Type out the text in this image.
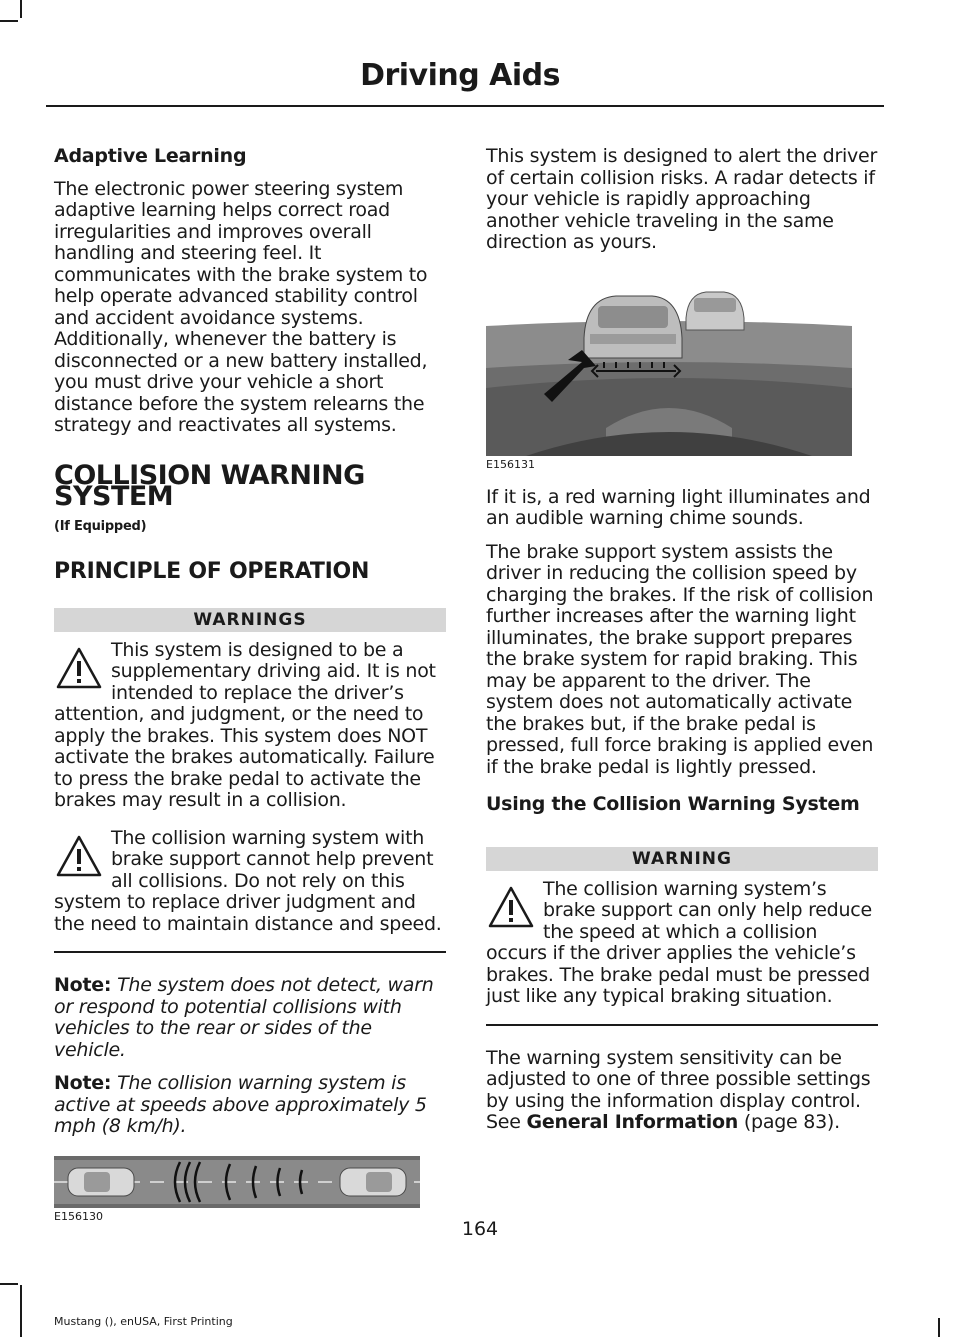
Driving Aids

Adaptive Learning

The electronic power steering system adaptive learning helps correct road irregularities and improves overall handling and steering feel. It communicates with the brake system to help operate advanced stability control and accident avoidance systems. Additionally, whenever the battery is disconnected or a new battery installed, you must drive your vehicle a short distance before the system relearns the strategy and reactivates all systems.

COLLISION WARNING SYSTEM

(If Equipped)

PRINCIPLE OF OPERATION

WARNINGS

This system is designed to be a supplementary driving aid. It is not intended to replace the driver’s attention, and judgment, or the need to apply the brakes. This system does NOT activate the brakes automatically. Failure to press the brake pedal to activate the brakes may result in a collision.

The collision warning system with brake support cannot help prevent all collisions. Do not rely on this system to replace driver judgment and the need to maintain distance and speed.

Note: The system does not detect, warn or respond to potential collisions with vehicles to the rear or sides of the vehicle.

Note: The collision warning system is active at speeds above approximately 5 mph (8 km/h).

E156130

This system is designed to alert the driver of certain collision risks. A radar detects if your vehicle is rapidly approaching another vehicle traveling in the same direction as yours.

E156131

If it is, a red warning light illuminates and an audible warning chime sounds.

The brake support system assists the driver in reducing the collision speed by charging the brakes. If the risk of collision further increases after the warning light illuminates, the brake support prepares the brake system for rapid braking. This may be apparent to the driver. The system does not automatically activate the brakes but, if the brake pedal is pressed, full force braking is applied even if the brake pedal is lightly pressed.

Using the Collision Warning System

WARNING

The collision warning system’s brake support can only help reduce the speed at which a collision occurs if the driver applies the vehicle’s brakes. The brake pedal must be pressed just like any typical braking situation.

The warning system sensitivity can be adjusted to one of three possible settings by using the information display control. See General Information (page 83).

164
Mustang (), enUSA, First Printing
